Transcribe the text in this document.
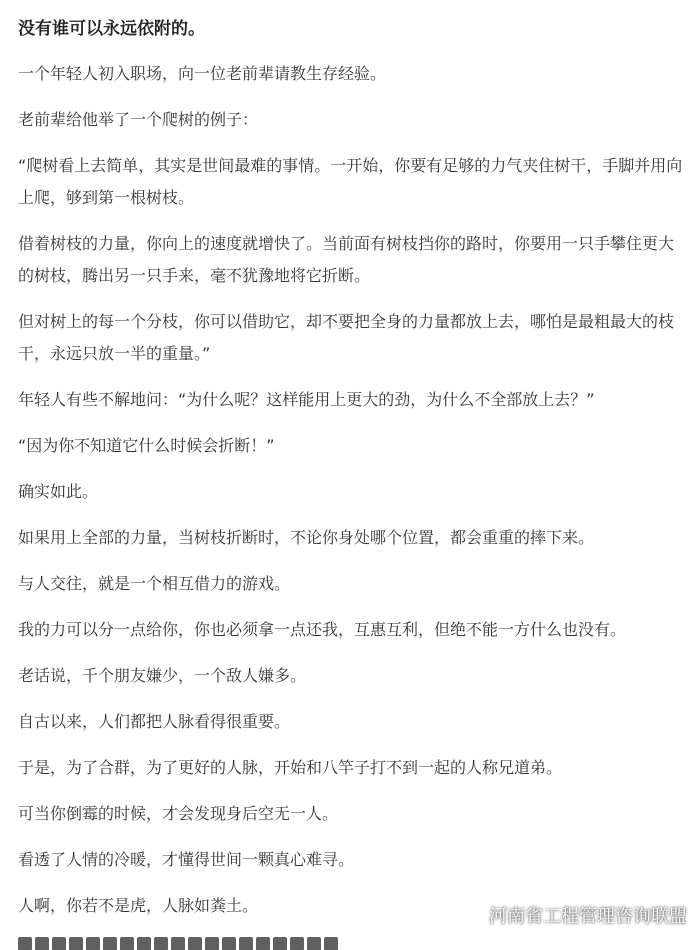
没有谁可以永远依附的。
一个年轻人初入职场，向一位老前辈请教生存经验。
老前辈给他举了一个爬树的例子：
“爬树看上去简单，其实是世间最难的事情。一开始，你要有足够的力气夹住树干，手脚并用向上爬，够到第一根树枝。
借着树枝的力量，你向上的速度就增快了。当前面有树枝挡你的路时，你要用一只手攀住更大的树枝，腾出另一只手来，毫不犹豫地将它折断。
但对树上的每一个分枝，你可以借助它，却不要把全身的力量都放上去，哪怕是最粗最大的枝干，永远只放一半的重量。”
年轻人有些不解地问：“为什么呢？这样能用上更大的劲，为什么不全部放上去？”
“因为你不知道它什么时候会折断！”
确实如此。
如果用上全部的力量，当树枝折断时，不论你身处哪个位置，都会重重的摔下来。
与人交往，就是一个相互借力的游戏。
我的力可以分一点给你，你也必须拿一点还我，互惠互利，但绝不能一方什么也没有。
老话说，千个朋友嫌少，一个敌人嫌多。
自古以来，人们都把人脉看得很重要。
于是，为了合群，为了更好的人脉，开始和八竿子打不到一起的人称兄道弟。
可当你倒霉的时候，才会发现身后空无一人。
看透了人情的冷暖，才懂得世间一颗真心难寻。
人啊，你若不是虎，人脉如粪土。
河南省工程管理咨询联盟
